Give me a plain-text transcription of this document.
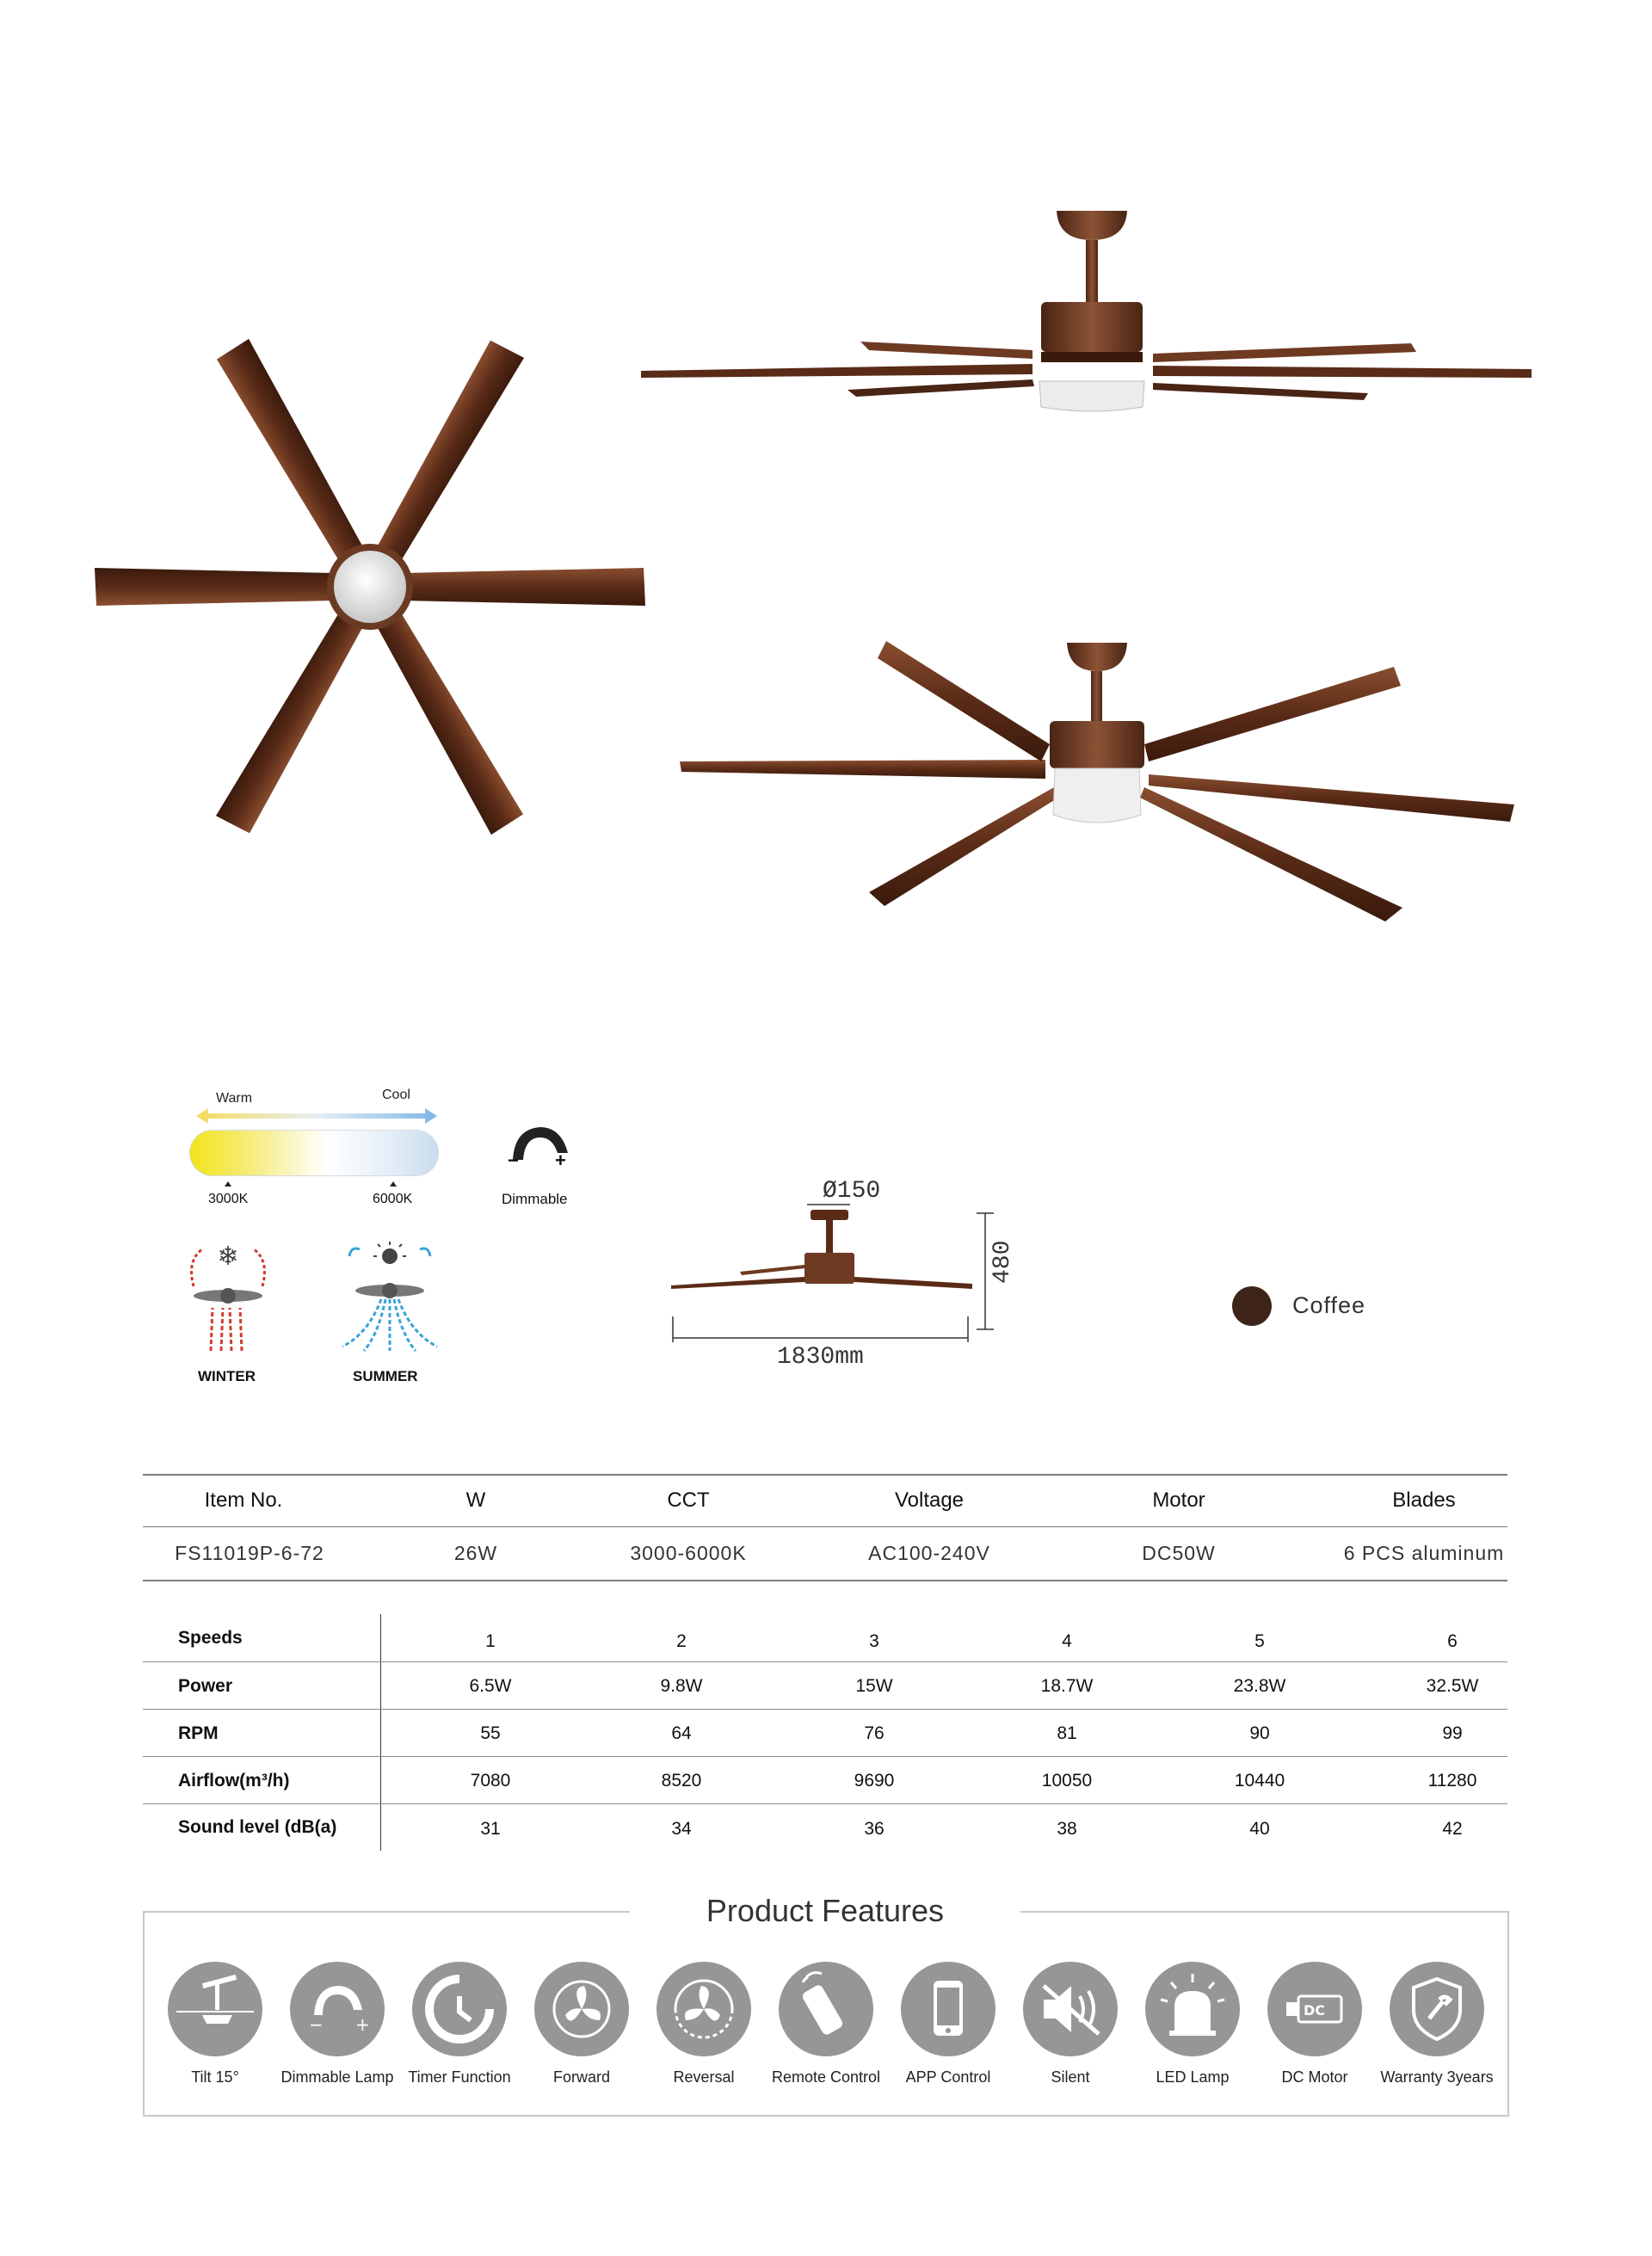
Warm	Cool
3000K	6000K
− +
Dimmable
❄
WINTER	SUMMER
Ø150
480
1830mm
Coffee
Item No.	W	CCT	Voltage	Motor	Blades
FS11019P-6-72	26W	3000-6000K	AC100-240V	DC50W	6 PCS aluminum
Speeds	1	2	3	4	5	6
Power	6.5W	9.8W	15W	18.7W	23.8W	32.5W
RPM	55	64	76	81	90	99
Airflow(m³/h)	7080	8520	9690	10050	10440	11280
Sound level (dB(a)	31	34	36	38	40	42
Product Features
Tilt 15°
− +
Dimmable Lamp Timer Function	Forward	Reversal	Remote Control	APP Control	Silent	LED Lamp
DC
DC Motor	Warranty 3years
